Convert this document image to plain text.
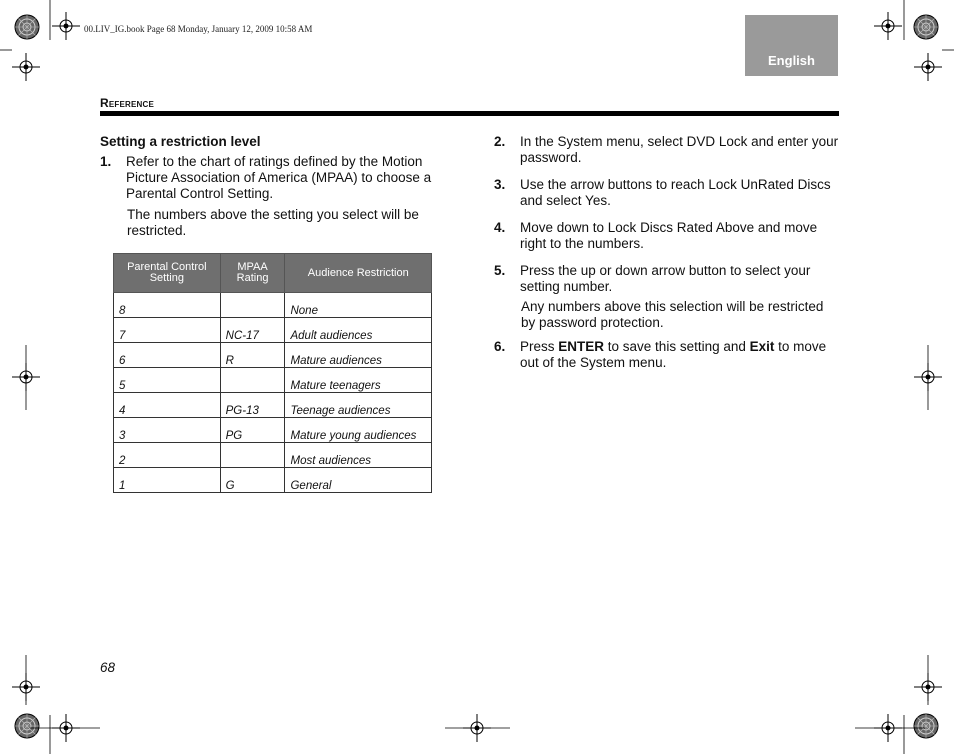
00.LIV_IG.book Page 68 Monday, January 12, 2009 10:58 AM
English
Reference

Setting a restriction level

1. Refer to the chart of ratings defined by the Motion Picture Association of America (MPAA) to choose a Parental Control Setting.

The numbers above the setting you select will be restricted.

Parental Control Setting	MPAA Rating	Audience Restriction
8		None
7	NC-17	Adult audiences
6	R	Mature audiences
5		Mature teenagers
4	PG-13	Teenage audiences
3	PG	Mature young audiences
2		Most audiences
1	G	General

2. In the System menu, select DVD Lock and enter your password.

3. Use the arrow buttons to reach Lock UnRated Discs and select Yes.

4. Move down to Lock Discs Rated Above and move right to the numbers.

5. Press the up or down arrow button to select your setting number.

Any numbers above this selection will be restricted by password protection.

6. Press ENTER to save this setting and Exit to move out of the System menu.

68
